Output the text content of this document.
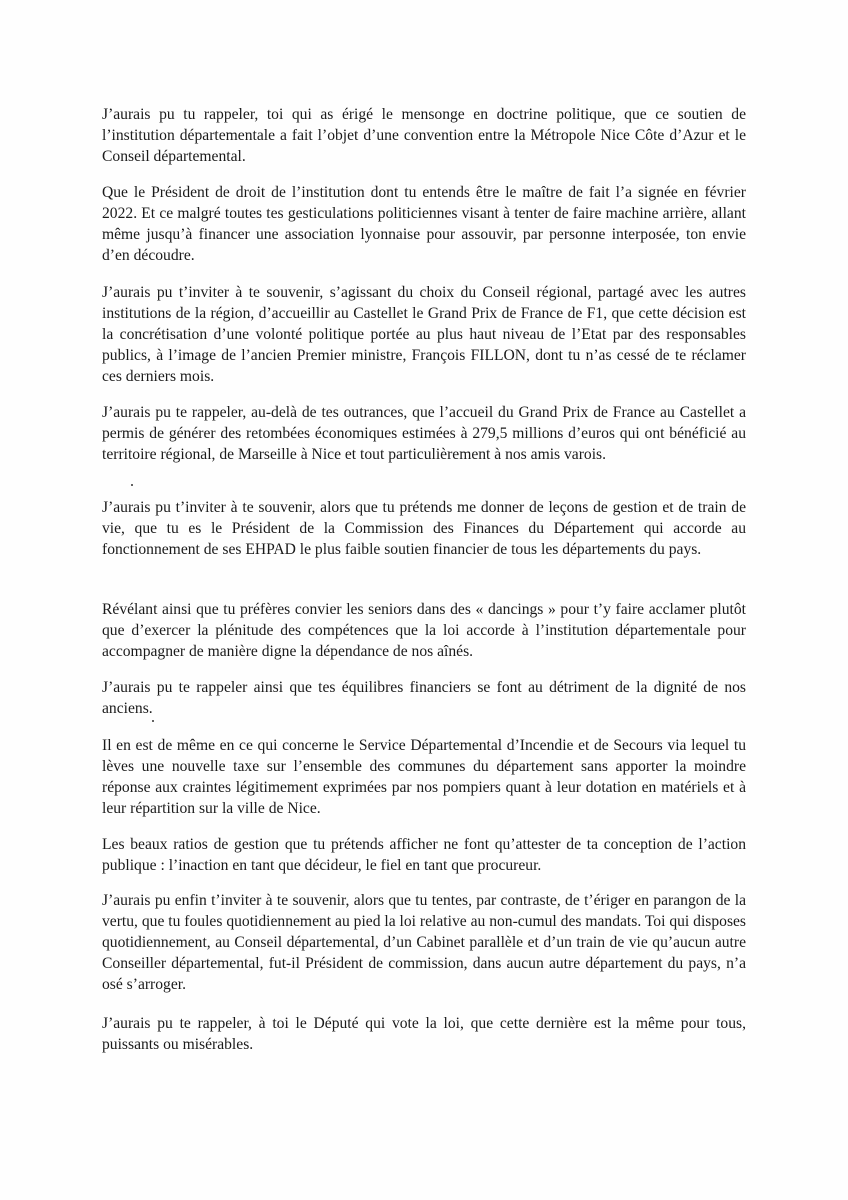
J’aurais pu tu rappeler, toi qui as érigé le mensonge en doctrine politique, que ce soutien de l’institution départementale a fait l’objet d’une convention entre la Métropole Nice Côte d’Azur et le Conseil départemental.

Que le Président de droit de l’institution dont tu entends être le maître de fait l’a signée en février 2022. Et ce malgré toutes tes gesticulations politiciennes visant à tenter de faire machine arrière, allant même jusqu’à financer une association lyonnaise pour assouvir, par personne interposée, ton envie d’en découdre.

J’aurais pu t’inviter à te souvenir, s’agissant du choix du Conseil régional, partagé avec les autres institutions de la région, d’accueillir au Castellet le Grand Prix de France de F1, que cette décision est la concrétisation d’une volonté politique portée au plus haut niveau de l’Etat par des responsables publics, à l’image de l’ancien Premier ministre, François FILLON, dont tu n’as cessé de te réclamer ces derniers mois.

J’aurais pu te rappeler, au-delà de tes outrances, que l’accueil du Grand Prix de France au Castellet a permis de générer des retombées économiques estimées à 279,5 millions d’euros qui ont bénéficié au territoire régional, de Marseille à Nice et tout particulièrement à nos amis varois.

J’aurais pu t’inviter à te souvenir, alors que tu prétends me donner de leçons de gestion et de train de vie, que tu es le Président de la Commission des Finances du Département qui accorde au fonctionnement de ses EHPAD le plus faible soutien financier de tous les départements du pays.

Révélant ainsi que tu préfères convier les seniors dans des « dancings » pour t’y faire acclamer plutôt que d’exercer la plénitude des compétences que la loi accorde à l’institution départementale pour accompagner de manière digne la dépendance de nos aînés.

J’aurais pu te rappeler ainsi que tes équilibres financiers se font au détriment de la dignité de nos anciens.

Il en est de même en ce qui concerne le Service Départemental d’Incendie et de Secours via lequel tu lèves une nouvelle taxe sur l’ensemble des communes du département sans apporter la moindre réponse aux craintes légitimement exprimées par nos pompiers quant à leur dotation en matériels et à leur répartition sur la ville de Nice.

Les beaux ratios de gestion que tu prétends afficher ne font qu’attester de ta conception de l’action publique : l’inaction en tant que décideur, le fiel en tant que procureur.

J’aurais pu enfin t’inviter à te souvenir, alors que tu tentes, par contraste, de t’ériger en parangon de la vertu, que tu foules quotidiennement au pied la loi relative au non-cumul des mandats. Toi qui disposes quotidiennement, au Conseil départemental, d’un Cabinet parallèle et d’un train de vie qu’aucun autre Conseiller départemental, fut-il Président de commission, dans aucun autre département du pays, n’a osé s’arroger.

J’aurais pu te rappeler, à toi le Député qui vote la loi, que cette dernière est la même pour tous, puissants ou misérables.
